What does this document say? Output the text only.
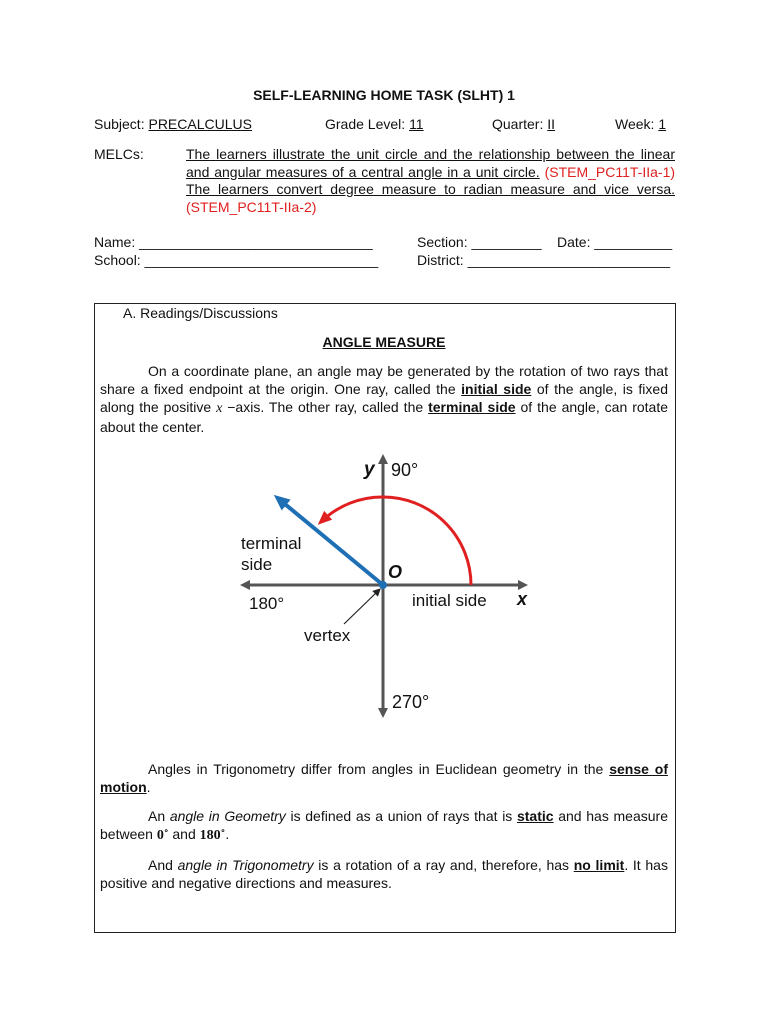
SELF-LEARNING HOME TASK (SLHT) 1
Subject: PRECALCULUS	Grade Level: 11	Quarter: II	Week: 1
MELCs:	The learners illustrate the unit circle and the relationship between the linear and angular measures of a central angle in a unit circle. (STEM_PC11T-IIa-1) The learners convert degree measure to radian measure and vice versa. (STEM_PC11T-IIa-2)
Name: ______________________________	Section: _________ Date: __________
School: ______________________________	District: __________________________
A. Readings/Discussions
ANGLE MEASURE
On a coordinate plane, an angle may be generated by the rotation of two rays that share a fixed endpoint at the origin. One ray, called the initial side of the angle, is fixed along the positive x −axis. The other ray, called the terminal side of the angle, can rotate about the center.
y 90°
terminal
side	O
180°	initial side x
vertex
270°
Angles in Trigonometry differ from angles in Euclidean geometry in the sense of motion.
An angle in Geometry is defined as a union of rays that is static and has measure between 0˚ and 180˚.
And angle in Trigonometry is a rotation of a ray and, therefore, has no limit. It has positive and negative directions and measures.
